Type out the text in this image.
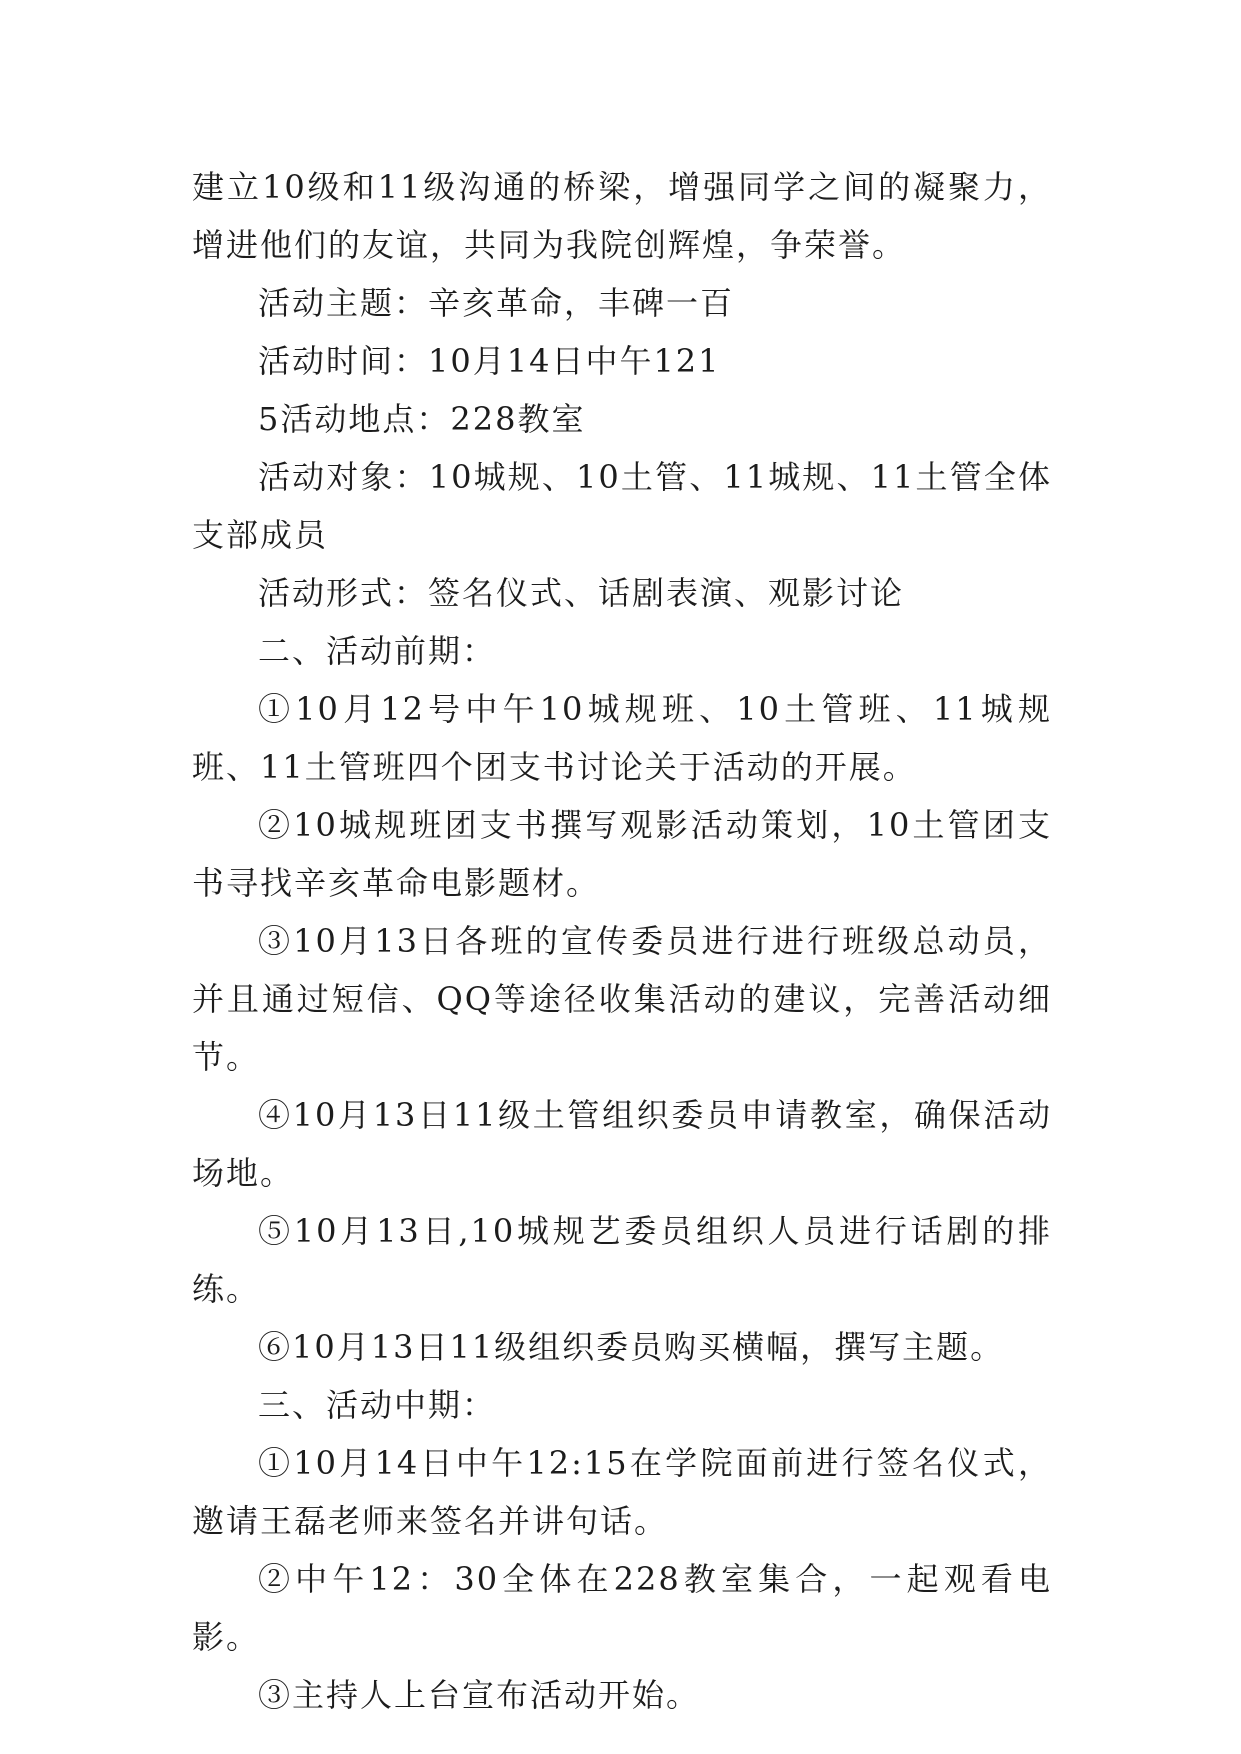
建立10级和11级沟通的桥梁，增强同学之间的凝聚力，增进他们的友谊，共同为我院创辉煌，争荣誉。

活动主题：辛亥革命，丰碑一百

活动时间：10月14日中午121

5活动地点：228教室

活动对象：10城规、10土管、11城规、11土管全体支部成员

活动形式：签名仪式、话剧表演、观影讨论

二、活动前期：

①10月12号中午10城规班、10土管班、11城规班、11土管班四个团支书讨论关于活动的开展。

②10城规班团支书撰写观影活动策划，10土管团支书寻找辛亥革命电影题材。

③10月13日各班的宣传委员进行进行班级总动员，并且通过短信、QQ等途径收集活动的建议，完善活动细节。

④10月13日11级土管组织委员申请教室，确保活动场地。

⑤10月13日,10城规艺委员组织人员进行话剧的排练。

⑥10月13日11级组织委员购买横幅，撰写主题。

三、活动中期：

①10月14日中午12:15在学院面前进行签名仪式，邀请王磊老师来签名并讲句话。

②中午12：30全体在228教室集合，一起观看电影。

③主持人上台宣布活动开始。
